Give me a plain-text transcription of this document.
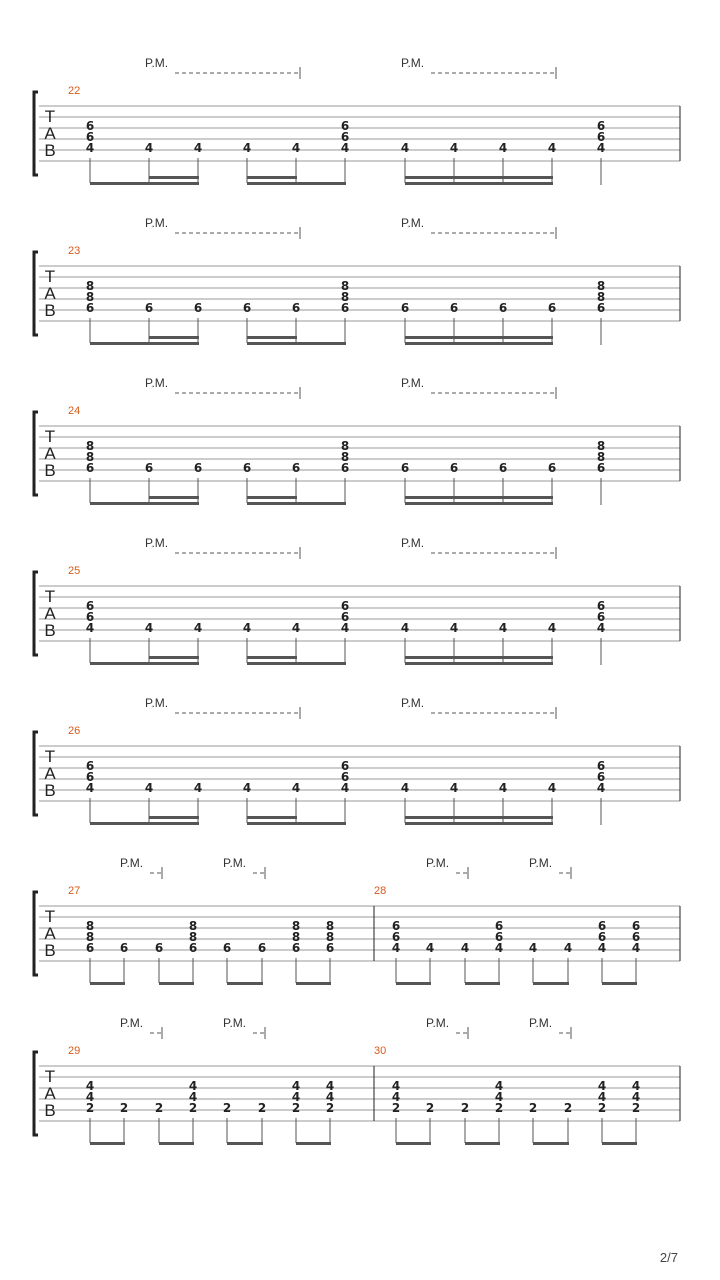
T
A
B
22
P.M.	P.M.
4
6
6
4	4	4	4	4
6
6
4	4	4	4	4
6
6
T
A
B
23
P.M.	P.M.
6
8
8
6	6	6	6	6
8
8
6	6	6	6	6
8
8
T
A
B
24
P.M.	P.M.
6
8
8
6	6	6	6	6
8
8
6	6	6	6	6
8
8
T
A
B
25
P.M.	P.M.
4
6
6
4	4	4	4	4
6
6
4	4	4	4	4
6
6
T
A
B
26
P.M.	P.M.
4
6
6
4	4	4	4	4
6
6
4	4	4	4	4
6
6
T
A
B
27
P.M.	P.M.
6
8
8
6 6 6
8
8
6 6 6
8
8
6
8
8
28
P.M.	P.M.
4
6
6
4 4 4
6
6
4 4 4
6
6
4
6
6
T
A
B
29
P.M.	P.M.
2
4
4
2 2 2
4
4
2 2 2
4
4
2
4
4
30
P.M.	P.M.
2
4
4
2 2 2
4
4
2 2 2
4
4
2
4
4
2/7
